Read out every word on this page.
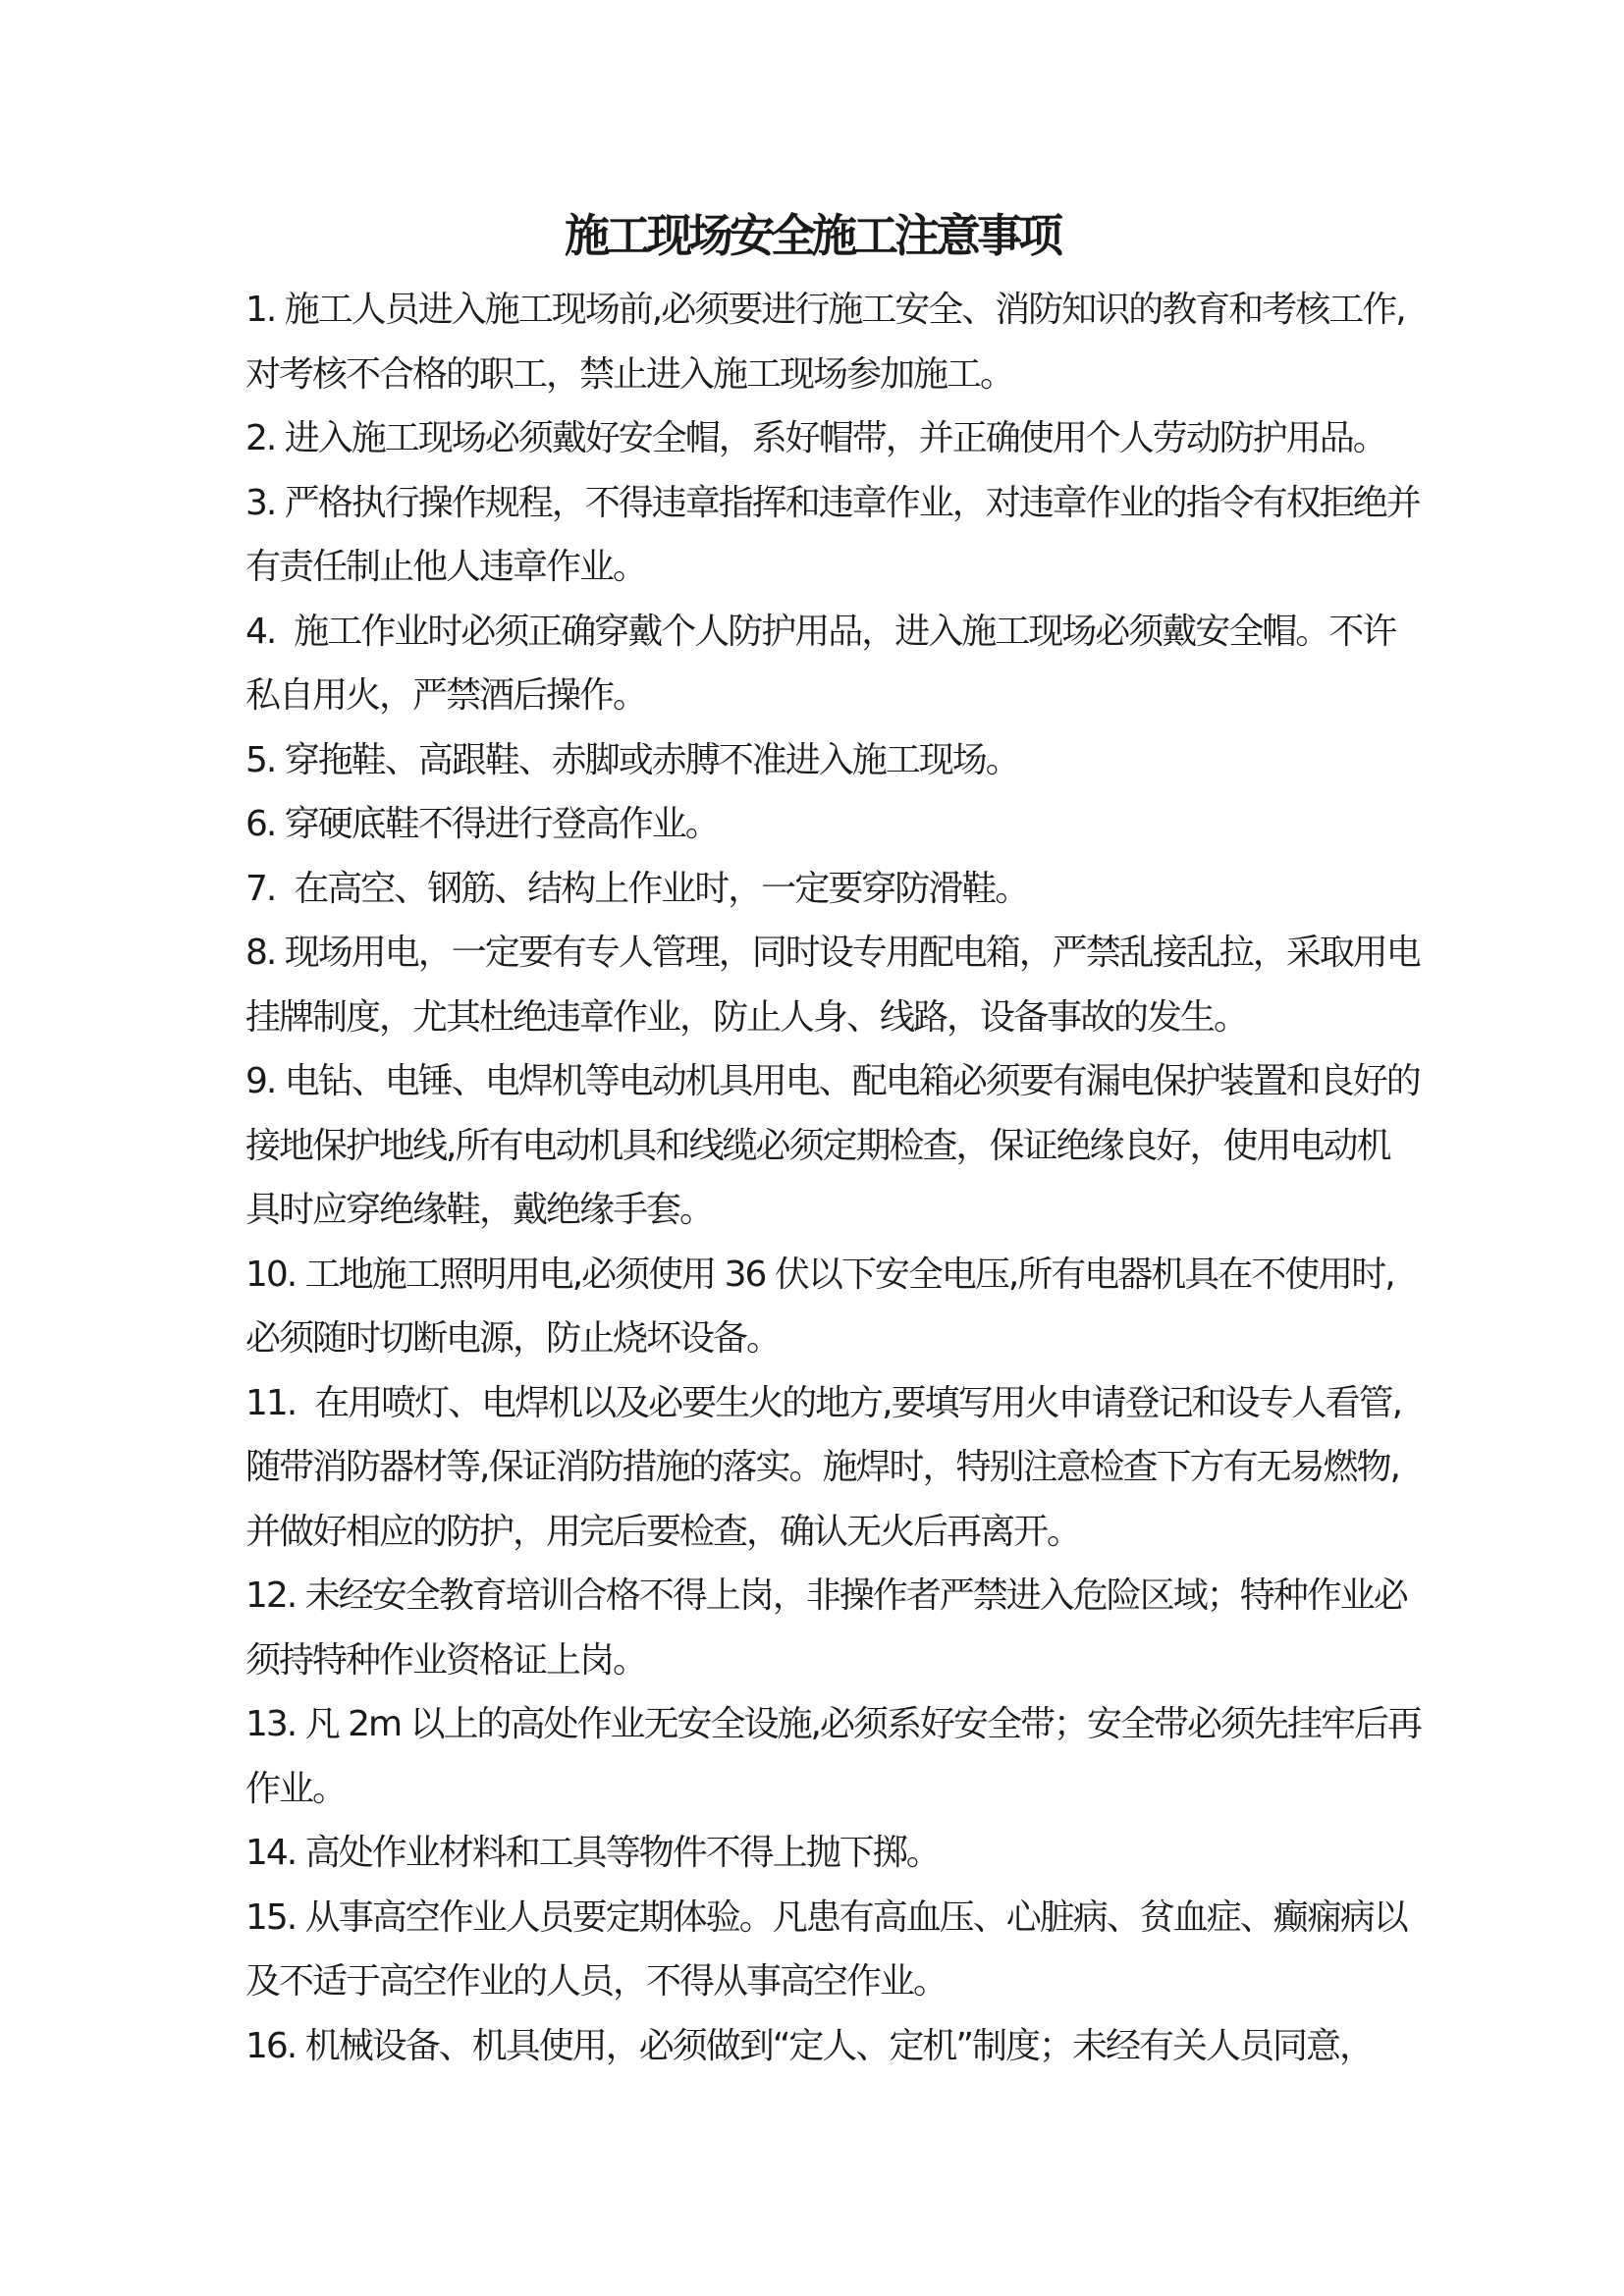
施工现场安全施工注意事项
1. 施工人员进入施工现场前,必须要进行施工安全、消防知识的教育和考核工作,
对考核不合格的职工，禁止进入施工现场参加施工。
2. 进入施工现场必须戴好安全帽，系好帽带，并正确使用个人劳动防护用品。
3. 严格执行操作规程，不得违章指挥和违章作业，对违章作业的指令有权拒绝并
有责任制止他人违章作业。
4.  施工作业时必须正确穿戴个人防护用品，进入施工现场必须戴安全帽。不许
私自用火，严禁酒后操作。
5. 穿拖鞋、高跟鞋、赤脚或赤膊不准进入施工现场。
6. 穿硬底鞋不得进行登高作业。
7.  在高空、钢筋、结构上作业时，一定要穿防滑鞋。
8. 现场用电，一定要有专人管理，同时设专用配电箱，严禁乱接乱拉，采取用电
挂牌制度，尤其杜绝违章作业，防止人身、线路，设备事故的发生。
9. 电钻、电锤、电焊机等电动机具用电、配电箱必须要有漏电保护装置和良好的
接地保护地线,所有电动机具和线缆必须定期检查，保证绝缘良好，使用电动机
具时应穿绝缘鞋，戴绝缘手套。
10. 工地施工照明用电,必须使用 36 伏以下安全电压,所有电器机具在不使用时,
必须随时切断电源，防止烧坏设备。
11.  在用喷灯、电焊机以及必要生火的地方,要填写用火申请登记和设专人看管,
随带消防器材等,保证消防措施的落实。施焊时，特别注意检查下方有无易燃物,
并做好相应的防护，用完后要检查，确认无火后再离开。
12. 未经安全教育培训合格不得上岗，非操作者严禁进入危险区域；特种作业必
须持特种作业资格证上岗。
13. 凡 2m 以上的高处作业无安全设施,必须系好安全带；安全带必须先挂牢后再
作业。
14. 高处作业材料和工具等物件不得上抛下掷。
15. 从事高空作业人员要定期体验。凡患有高血压、心脏病、贫血症、癫痫病以
及不适于高空作业的人员，不得从事高空作业。
16. 机械设备、机具使用，必须做到“定人、定机”制度；未经有关人员同意，
